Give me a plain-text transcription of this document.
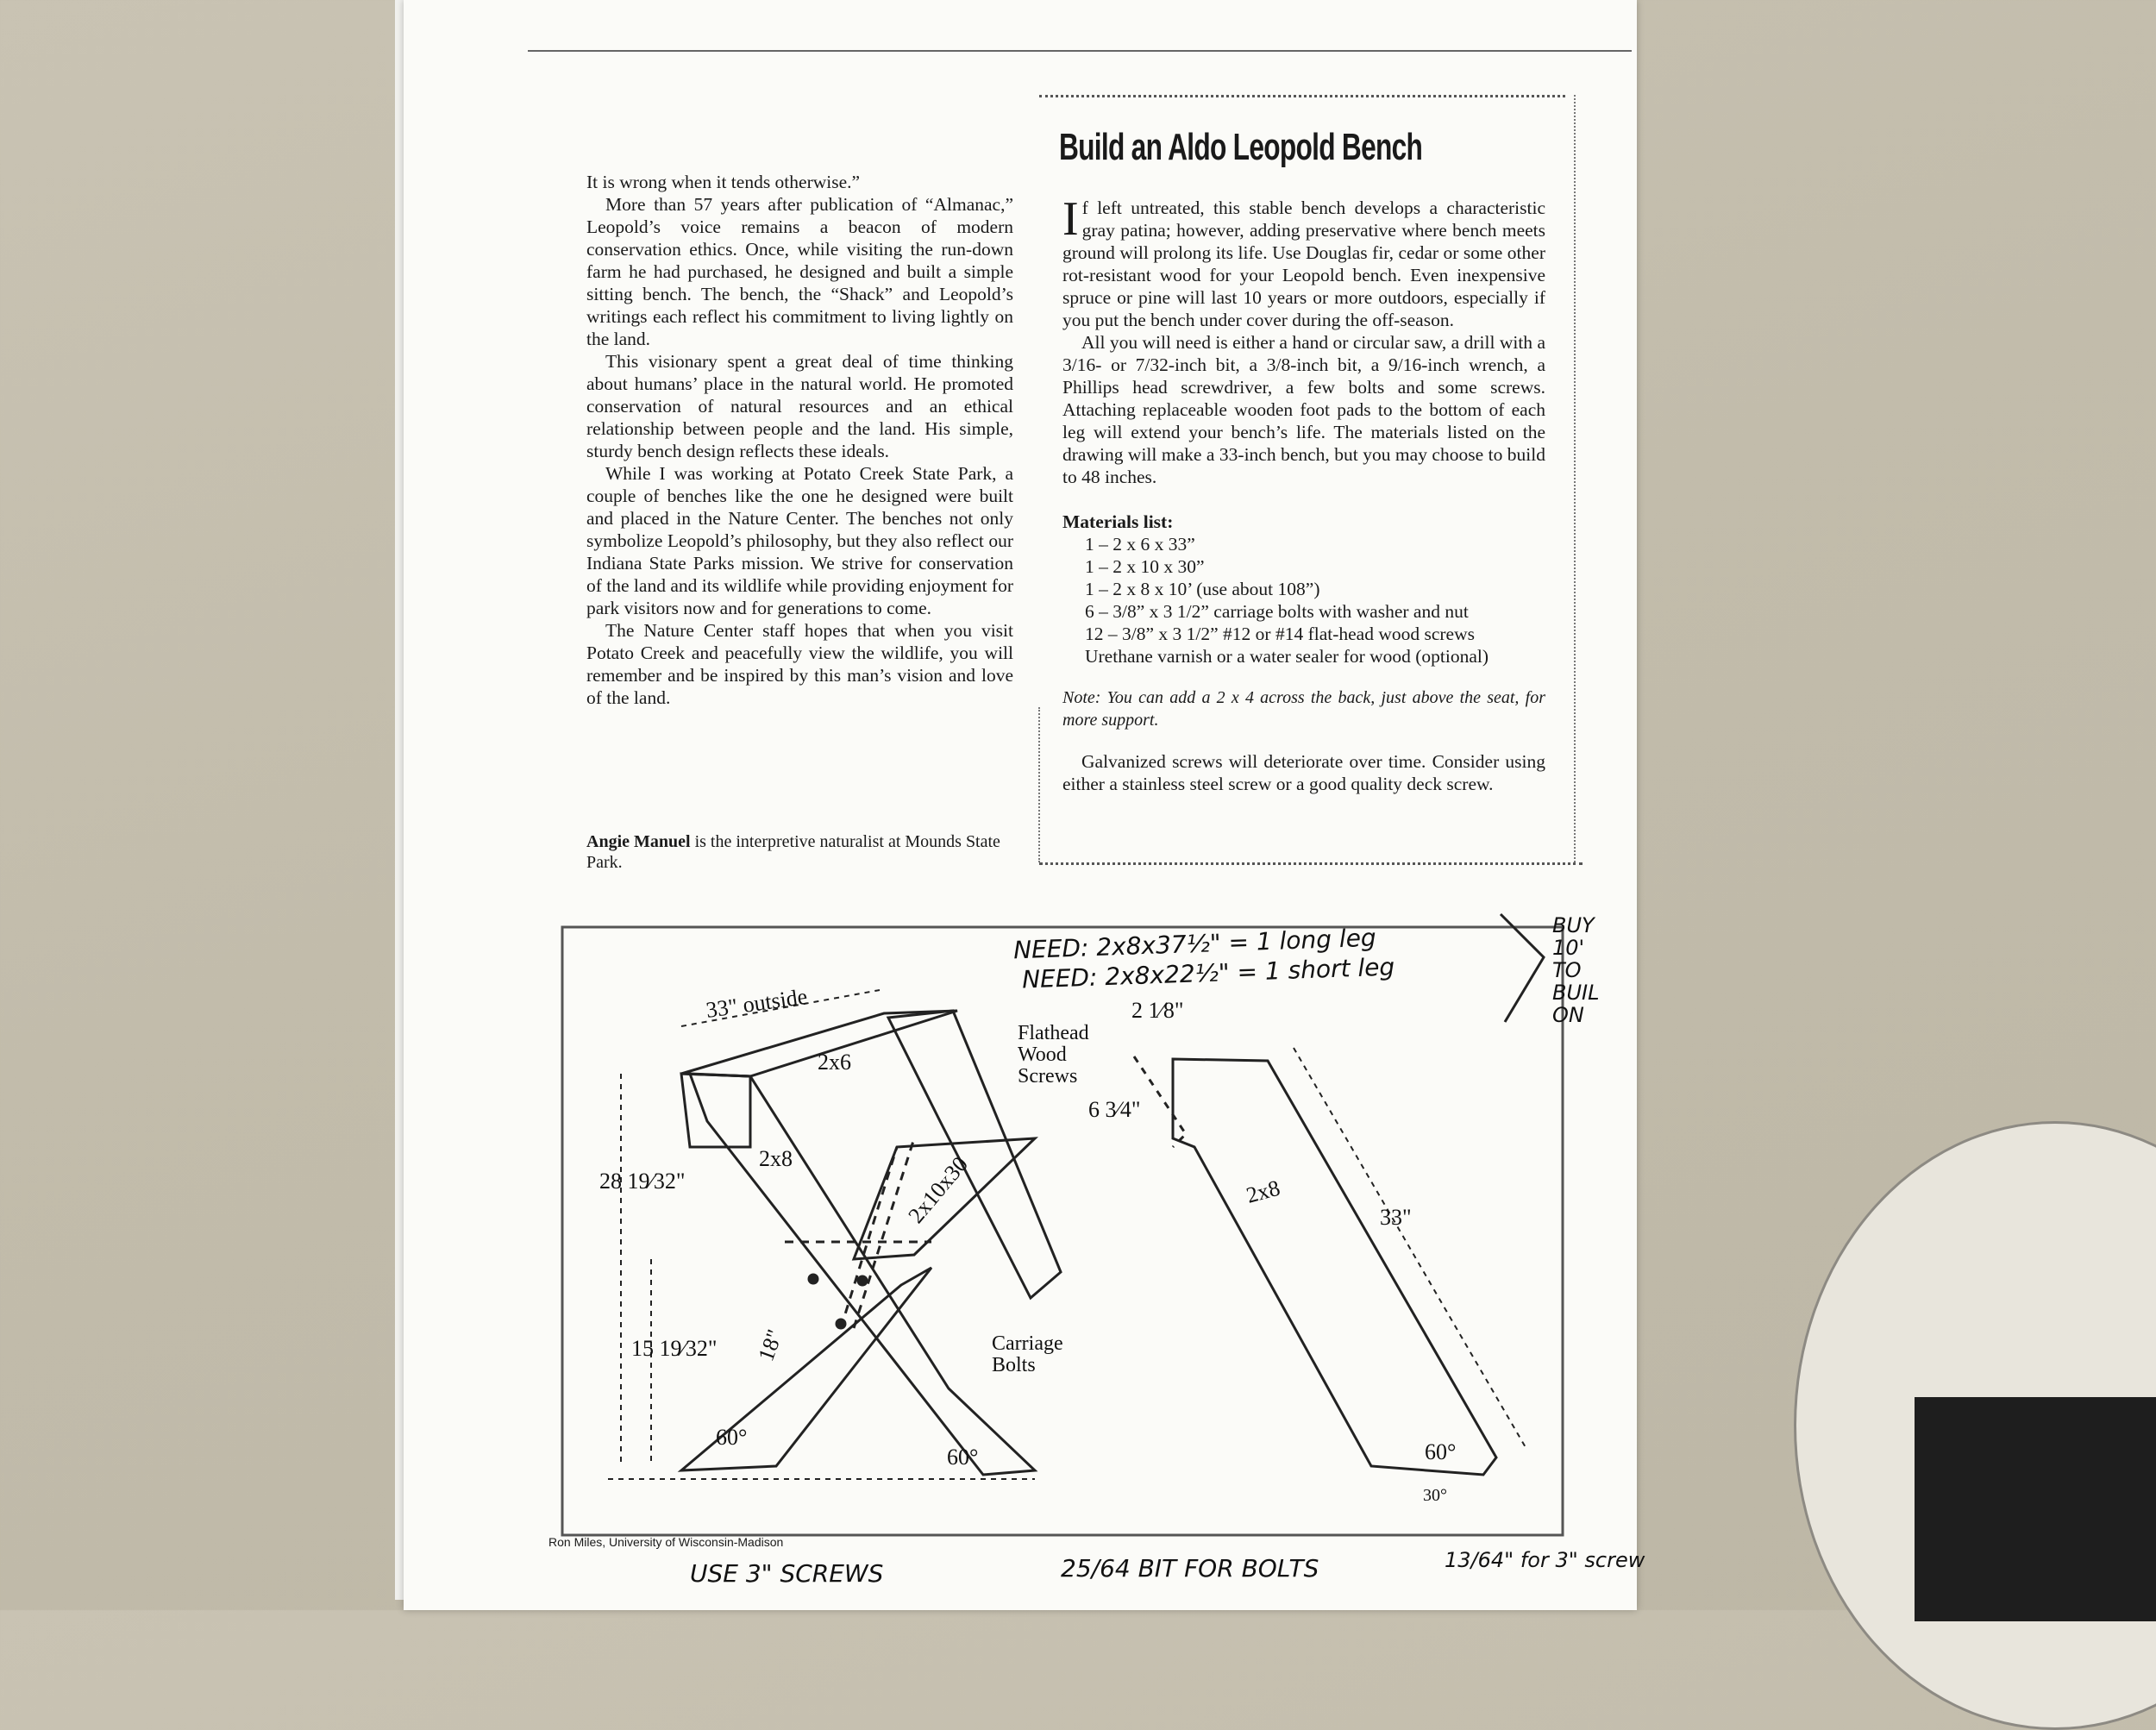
It is wrong when it tends otherwise.”

More than 57 years after publication of “Almanac,” Leopold’s voice remains a beacon of modern conservation ethics. Once, while visiting the run-down farm he had purchased, he designed and built a simple sitting bench. The bench, the “Shack” and Leopold’s writings each reflect his commitment to living lightly on the land.

This visionary spent a great deal of time thinking about humans’ place in the natural world. He promoted conservation of natural resources and an ethical relationship between people and the land. His simple, sturdy bench design reflects these ideals.

While I was working at Potato Creek State Park, a couple of benches like the one he designed were built and placed in the Nature Center. The benches not only symbolize Leopold’s philosophy, but they also reflect our Indiana State Parks mission. We strive for conservation of the land and its wildlife while providing enjoyment for park visitors now and for generations to come.

The Nature Center staff hopes that when you visit Potato Creek and peacefully view the wildlife, you will remember and be inspired by this man’s vision and love of the land.

Angie Manuel is the interpretive naturalist at Mounds State Park.
Build an Aldo Leopold Bench

If left untreated, this stable bench develops a characteristic gray patina; however, adding preservative where bench meets ground will prolong its life. Use Douglas fir, cedar or some other rot-resistant wood for your Leopold bench. Even inexpensive spruce or pine will last 10 years or more outdoors, especially if you put the bench under cover during the off-season.

All you will need is either a hand or circular saw, a drill with a 3/16- or 7/32-inch bit, a 3/8-inch bit, a 9/16-inch wrench, a Phillips head screwdriver, a few bolts and some screws. Attaching replaceable wooden foot pads to the bottom of each leg will extend your bench’s life. The materials listed on the drawing will make a 33-inch bench, but you may choose to build to 48 inches.

Materials list:
1 – 2 x 6 x 33”
1 – 2 x 10 x 30”
1 – 2 x 8 x 10’ (use about 108”)
6 – 3/8” x 3 1/2” carriage bolts with washer and nut
12 – 3/8” x 3 1/2” #12 or #14 flat-head wood screws
Urethane varnish or a water sealer for wood (optional)
Note: You can add a 2 x 4 across the back, just above the seat, for more support.

Galvanized screws will deteriorate over time. Consider using either a stainless steel screw or a good quality deck screw.

33" outside
2x6
2x8	2x10x30
Flathead
Wood
Screws
Carriage
Bolts
28 19⁄32"
15 19⁄32" 18"
60°
60°	60°
2 1⁄8"
6 3⁄4"
2x8
33"
30°
Ron Miles, University of Wisconsin-Madison
NEED: 2x8x37½" = 1 long leg
NEED: 2x8x22½" = 1 short leg
BUY
10'
TO
BUIL
ON
USE 3" SCREWS	25/64 BIT FOR BOLTS	13/64" for 3" screw
